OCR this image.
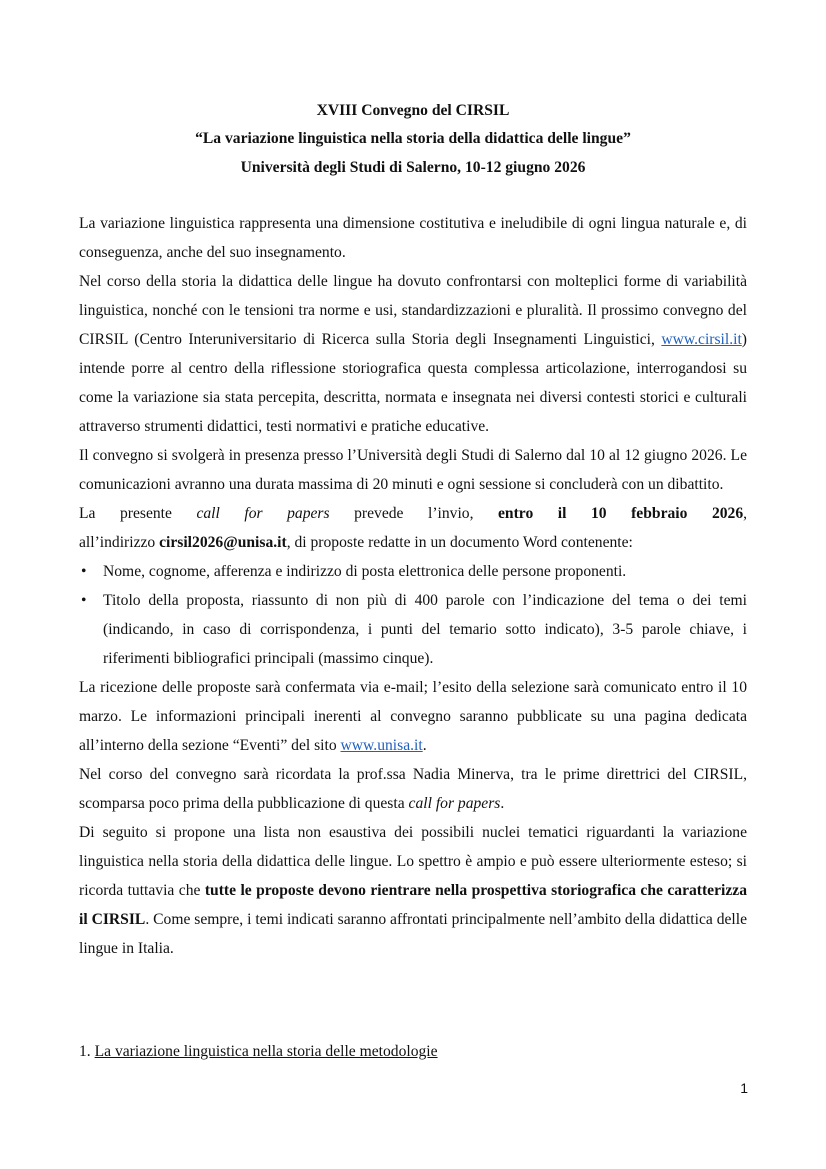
XVIII Convegno del CIRSIL
“La variazione linguistica nella storia della didattica delle lingue”
Università degli Studi di Salerno, 10-12 giugno 2026

La variazione linguistica rappresenta una dimensione costitutiva e ineludibile di ogni lingua naturale e, di conseguenza, anche del suo insegnamento.

Nel corso della storia la didattica delle lingue ha dovuto confrontarsi con molteplici forme di variabilità linguistica, nonché con le tensioni tra norme e usi, standardizzazioni e pluralità. Il prossimo convegno del CIRSIL (Centro Interuniversitario di Ricerca sulla Storia degli Insegnamenti Linguistici, www.cirsil.it) intende porre al centro della riflessione storiografica questa complessa articolazione, interrogandosi su come la variazione sia stata percepita, descritta, normata e insegnata nei diversi contesti storici e culturali attraverso strumenti didattici, testi normativi e pratiche educative.

Il convegno si svolgerà in presenza presso l’Università degli Studi di Salerno dal 10 al 12 giugno 2026. Le comunicazioni avranno una durata massima di 20 minuti e ogni sessione si concluderà con un dibattito.

La presente call for papers prevede l’invio, entro il 10 febbraio 2026,

all’indirizzo cirsil2026@unisa.it, di proposte redatte in un documento Word contenente:

• Nome, cognome, afferenza e indirizzo di posta elettronica delle persone proponenti.
• Titolo della proposta, riassunto di non più di 400 parole con l’indicazione del tema o dei temi (indicando, in caso di corrispondenza, i punti del temario sotto indicato), 3-5 parole chiave, i riferimenti bibliografici principali (massimo cinque).

La ricezione delle proposte sarà confermata via e-mail; l’esito della selezione sarà comunicato entro il 10 marzo. Le informazioni principali inerenti al convegno saranno pubblicate su una pagina dedicata all’interno della sezione “Eventi” del sito www.unisa.it.

Nel corso del convegno sarà ricordata la prof.ssa Nadia Minerva, tra le prime direttrici del CIRSIL, scomparsa poco prima della pubblicazione di questa call for papers.

Di seguito si propone una lista non esaustiva dei possibili nuclei tematici riguardanti la variazione linguistica nella storia della didattica delle lingue. Lo spettro è ampio e può essere ulteriormente esteso; si ricorda tuttavia che tutte le proposte devono rientrare nella prospettiva storiografica che caratterizza il CIRSIL. Come sempre, i temi indicati saranno affrontati principalmente nell’ambito della didattica delle lingue in Italia.

1. La variazione linguistica nella storia delle metodologie
1
